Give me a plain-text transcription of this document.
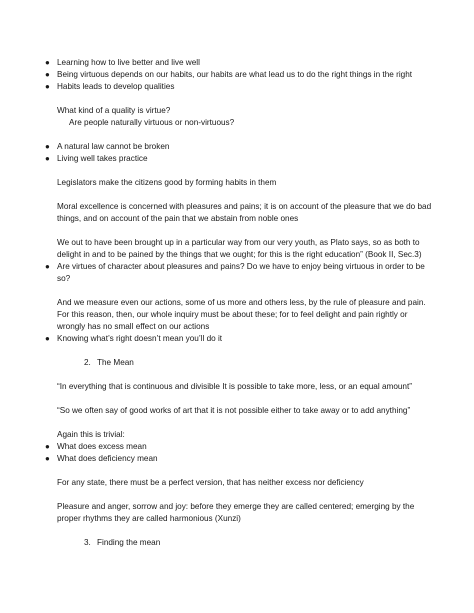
● Learning how to live better and live well
● Being virtuous depends on our habits, our habits are what lead us to do the right things in the right
● Habits leads to develop qualities

What kind of a quality is virtue?

Are people naturally virtuous or non-virtuous?

● A natural law cannot be broken
● Living well takes practice

Legislators make the citizens good by forming habits in them

Moral excellence is concerned with pleasures and pains; it is on account of the pleasure that we do bad things, and on account of the pain that we abstain from noble ones

We out to have been brought up in a particular way from our very youth, as Plato says, so as both to delight in and to be pained by the things that we ought; for this is the right education” (Book II, Sec.3)

● Are virtues of character about pleasures and pains? Do we have to enjoy being virtuous in order to be so?

And we measure even our actions, some of us more and others less, by the rule of pleasure and pain. For this reason, then, our whole inquiry must be about these; for to feel delight and pain rightly or wrongly has no small effect on our actions

● Knowing what’s right doesn’t mean you’ll do it
2. The Mean

“In everything that is continuous and divisible It is possible to take more, less, or an equal amount”

“So we often say of good works of art that it is not possible either to take away or to add anything”

Again this is trivial:

● What does excess mean
● What does deficiency mean

For any state, there must be a perfect version, that has neither excess nor deficiency

Pleasure and anger, sorrow and joy: before they emerge they are called centered; emerging by the proper rhythms they are called harmonious (Xunzi)

3. Finding the mean
